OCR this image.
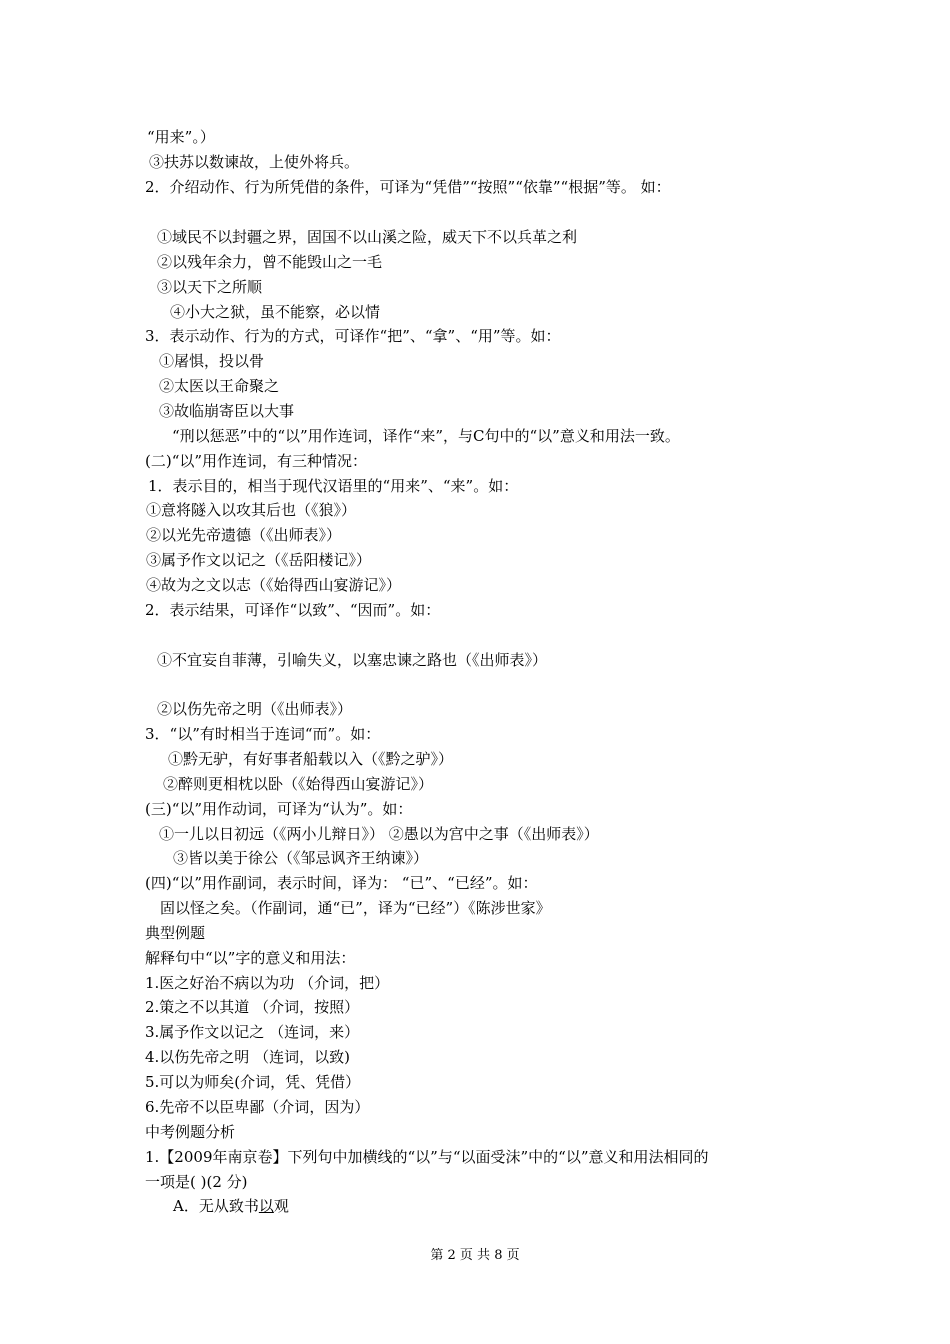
“用来”。）
③扶苏以数谏故，上使外将兵。
2．介绍动作、行为所凭借的条件，可译为“凭借”“按照”“依靠”“根据”等。 如：
①域民不以封疆之界，固国不以山溪之险，威天下不以兵革之利
②以残年余力，曾不能毁山之一毛
③以天下之所顺
④小大之狱，虽不能察，必以情
3．表示动作、行为的方式，可译作“把”、“拿”、“用”等。如：
①屠惧，投以骨
②太医以王命聚之
③故临崩寄臣以大事
“刑以惩恶”中的“以”用作连词，译作“来”，与C句中的“以”意义和用法一致。
(二)“以”用作连词，有三种情况：
1．表示目的，相当于现代汉语里的“用来”、“来”。如：
①意将隧入以攻其后也（《狼》）
②以光先帝遗德（《出师表》）
③属予作文以记之（《岳阳楼记》）
④故为之文以志（《始得西山宴游记》）
2．表示结果，可译作“以致”、“因而”。如：
①不宜妄自菲薄，引喻失义，以塞忠谏之路也（《出师表》）
②以伤先帝之明（《出师表》）
3．“以”有时相当于连词“而”。如：
①黔无驴，有好事者船载以入（《黔之驴》）
②醉则更相枕以卧（《始得西山宴游记》）
(三)“以”用作动词，可译为“认为”。如：
①一儿以日初远（《两小儿辩日》） ②愚以为宫中之事（《出师表》）
③皆以美于徐公（《邹忌讽齐王纳谏》）
(四)“以”用作副词，表示时间，译为： “已”、“已经”。如：
固以怪之矣。（作副词，通“已”，译为“已经”）《陈涉世家》
典型例题
解释句中“以”字的意义和用法：
1.医之好治不病以为功 （介词，把）
2.策之不以其道 （介词，按照）
3.属予作文以记之 （连词，来）
4.以伤先帝之明 （连词，以致)
5.可以为师矣(介词，凭、凭借）
6.先帝不以臣卑鄙（介词，因为）
中考例题分析
1.【2009年南京卷】下列句中加横线的“以”与“以面受沫”中的“以”意义和用法相同的
一项是( )(2 分)
A．无从致书以观
第 2 页 共 8 页
